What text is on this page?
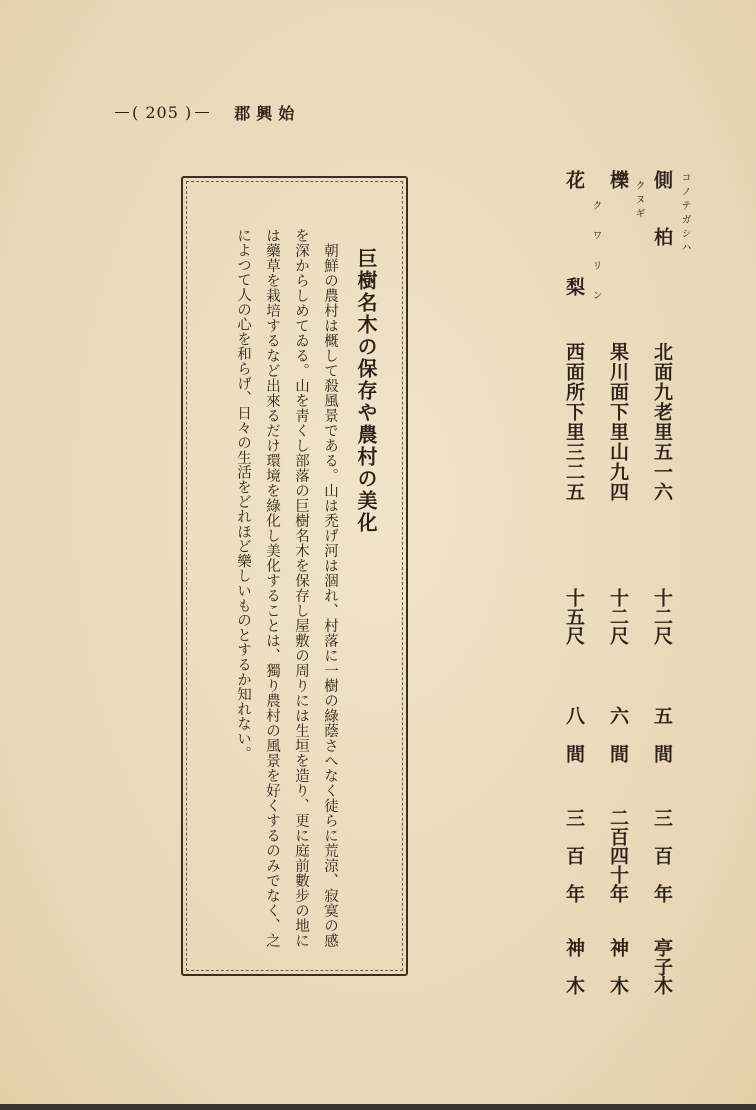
( 205 )	始興郡
側柏 コノテガシハ
北面九老里五一六
十二尺
五　間
三　百　年
亭子木
櫟 クヌギ
果川面下里山九四
十二尺
六　間
二百四十年
神　木
花梨 クワリン
西面所下里三二五
十五尺
八　間
三　百　年
神　木
巨樹名木の保存や農村の美化
　朝鮮の農村は概して殺風景である。山は禿げ河は涸れ、村落に一樹の綠蔭さへなく徒らに荒涼、寂寞の感を深からしめてゐる。山を靑くし部落の巨樹名木を保存し屋敷の周りには生垣を造り、更に庭前數步の地には藥草を栽培するなど出來るだけ環境を綠化し美化することは、獨り農村の風景を好くするのみでなく、之によつて人の心を和らげ、日々の生活をどれほど樂しいものとするか知れない。
